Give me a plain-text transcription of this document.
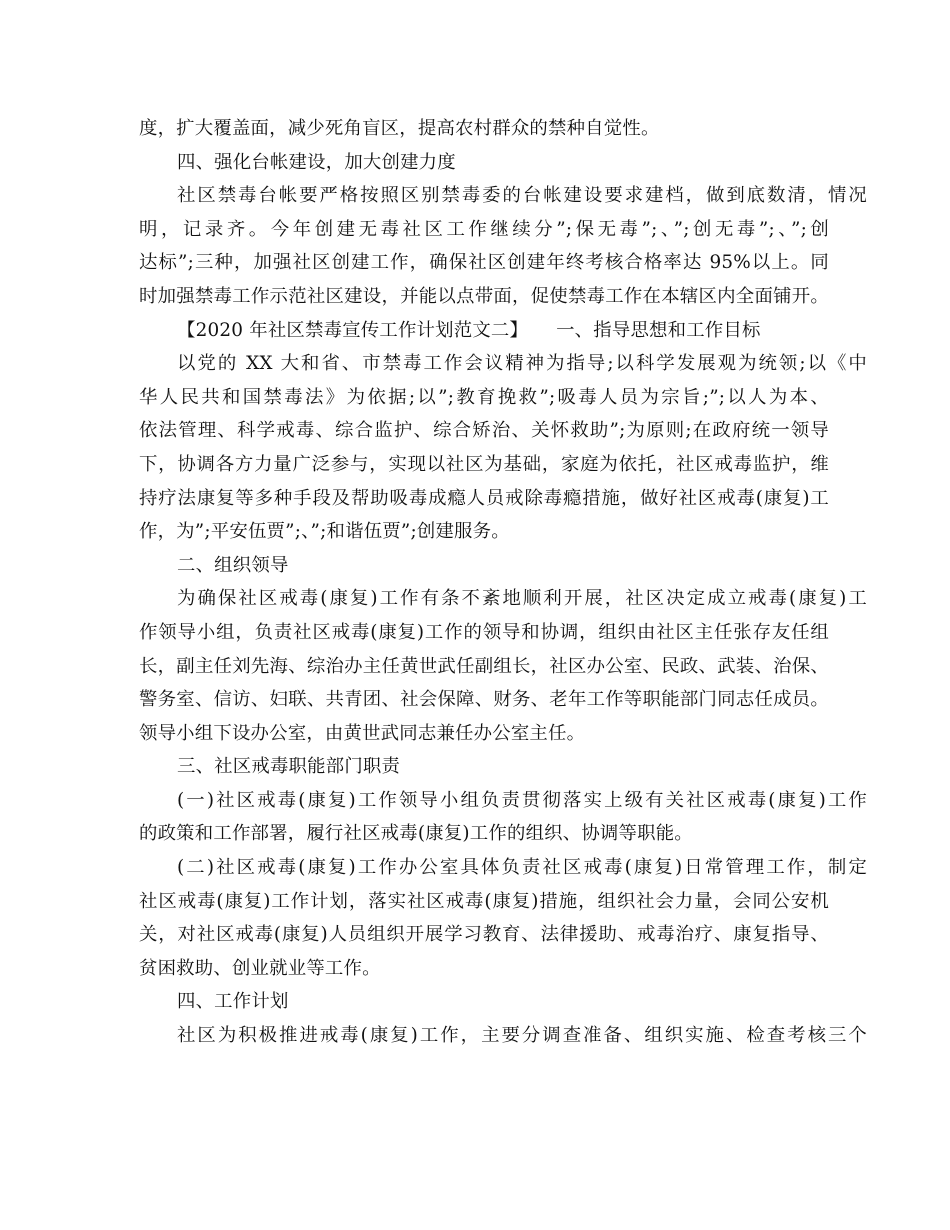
度，扩大覆盖面，减少死角盲区，提高农村群众的禁种自觉性。
四、强化台帐建设，加大创建力度
社区禁毒台帐要严格按照区别禁毒委的台帐建设要求建档，做到底数清，情况
明，记录齐。今年创建无毒社区工作继续分”;保无毒”;、”;创无毒”;、”;创
达标”;三种，加强社区创建工作，确保社区创建年终考核合格率达 95%以上。同
时加强禁毒工作示范社区建设，并能以点带面，促使禁毒工作在本辖区内全面铺开。
【2020 年社区禁毒宣传工作计划范文二】　　一、指导思想和工作目标
以党的 XX 大和省、市禁毒工作会议精神为指导;以科学发展观为统领;以《中
华人民共和国禁毒法》为依据;以”;教育挽救”;吸毒人员为宗旨;”;以人为本、
依法管理、科学戒毒、综合监护、综合矫治、关怀救助”;为原则;在政府统一领导
下，协调各方力量广泛参与，实现以社区为基础，家庭为依托，社区戒毒监护，维
持疗法康复等多种手段及帮助吸毒成瘾人员戒除毒瘾措施，做好社区戒毒(康复)工
作，为”;平安伍贾”;、”;和谐伍贾”;创建服务。
二、组织领导
为确保社区戒毒(康复)工作有条不紊地顺利开展，社区决定成立戒毒(康复)工
作领导小组，负责社区戒毒(康复)工作的领导和协调，组织由社区主任张存友任组
长，副主任刘先海、综治办主任黄世武任副组长，社区办公室、民政、武装、治保、
警务室、信访、妇联、共青团、社会保障、财务、老年工作等职能部门同志任成员。
领导小组下设办公室，由黄世武同志兼任办公室主任。
三、社区戒毒职能部门职责
(一)社区戒毒(康复)工作领导小组负责贯彻落实上级有关社区戒毒(康复)工作
的政策和工作部署，履行社区戒毒(康复)工作的组织、协调等职能。
(二)社区戒毒(康复)工作办公室具体负责社区戒毒(康复)日常管理工作，制定
社区戒毒(康复)工作计划，落实社区戒毒(康复)措施，组织社会力量，会同公安机
关，对社区戒毒(康复)人员组织开展学习教育、法律援助、戒毒治疗、康复指导、
贫困救助、创业就业等工作。
四、工作计划
社区为积极推进戒毒(康复)工作，主要分调查准备、组织实施、检查考核三个
